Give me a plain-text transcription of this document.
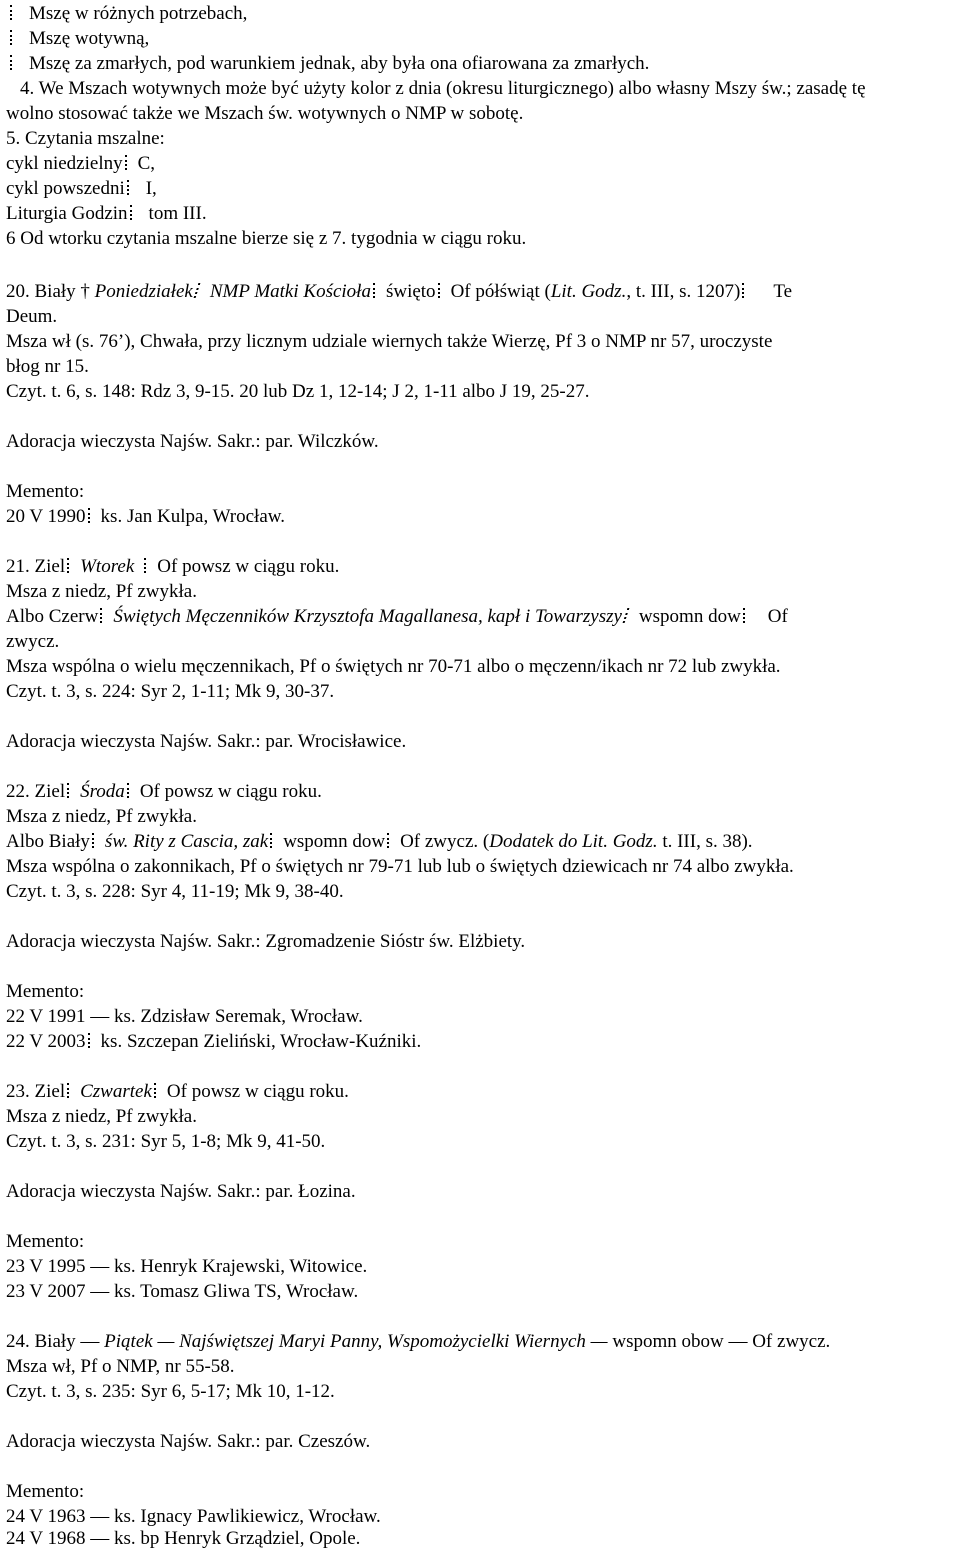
Mszę w różnych potrzebach,
Mszę wotywną,
Mszę za zmarłych, pod warunkiem jednak, aby była ona ofiarowana za zmarłych.
4. We Mszach wotywnych może być użyty kolor z dnia (okresu liturgicznego) albo własny Mszy św.; zasadę tę
wolno stosować także we Mszach św. wotywnych o NMP w sobotę.
5. Czytania mszalne:
cykl niedzielny C,
cykl powszedni I,
Liturgia Godzin tom III.
6 Od wtorku czytania mszalne bierze się z 7. tygodnia w ciągu roku.
20. Biały † Poniedziałek NMP Matki Kościoła święto Of półświąt (Lit. Godz., t. III, s. 1207) Te
Deum.
Msza wł (s. 76’), Chwała, przy licznym udziale wiernych także Wierzę, Pf 3 o NMP nr 57, uroczyste
błog nr 15.
Czyt. t. 6, s. 148: Rdz 3, 9-15. 20 lub Dz 1, 12-14; J 2, 1-11 albo J 19, 25-27.
Adoracja wieczysta Najśw. Sakr.: par. Wilczków.
Memento:
20 V 1990 ks. Jan Kulpa, Wrocław.
21. Ziel Wtorek Of powsz w ciągu roku.
Msza z niedz, Pf zwykła.
Albo Czerw Świętych Męczenników Krzysztofa Magallanesa, kapł i Towarzyszy wspomn dow Of
zwycz.
Msza wspólna o wielu męczennikach, Pf o świętych nr 70-71 albo o męczenn/ikach nr 72 lub zwykła.
Czyt. t. 3, s. 224: Syr 2, 1-11; Mk 9, 30-37.
Adoracja wieczysta Najśw. Sakr.: par. Wrocisławice.
22. Ziel Środa Of powsz w ciągu roku.
Msza z niedz, Pf zwykła.
Albo Biały św. Rity z Cascia, zak wspomn dow Of zwycz. (Dodatek do Lit. Godz. t. III, s. 38).
Msza wspólna o zakonnikach, Pf o świętych nr 79-71 lub lub o świętych dziewicach nr 74 albo zwykła.
Czyt. t. 3, s. 228: Syr 4, 11-19; Mk 9, 38-40.
Adoracja wieczysta Najśw. Sakr.: Zgromadzenie Sióstr św. Elżbiety.
Memento:
22 V 1991 — ks. Zdzisław Seremak, Wrocław.
22 V 2003 ks. Szczepan Zieliński, Wrocław-Kuźniki.
23. Ziel Czwartek Of powsz w ciągu roku.
Msza z niedz, Pf zwykła.
Czyt. t. 3, s. 231: Syr 5, 1-8; Mk 9, 41-50.
Adoracja wieczysta Najśw. Sakr.: par. Łozina.
Memento:
23 V 1995 — ks. Henryk Krajewski, Witowice.
23 V 2007 — ks. Tomasz Gliwa TS, Wrocław.
24. Biały — Piątek — Najświętszej Maryi Panny, Wspomożycielki Wiernych — wspomn obow — Of zwycz.
Msza wł, Pf o NMP, nr 55-58.
Czyt. t. 3, s. 235: Syr 6, 5-17; Mk 10, 1-12.
Adoracja wieczysta Najśw. Sakr.: par. Czeszów.
Memento:
24 V 1963 — ks. Ignacy Pawlikiewicz, Wrocław.
24 V 1968 — ks. bp Henryk Grządziel, Opole.
